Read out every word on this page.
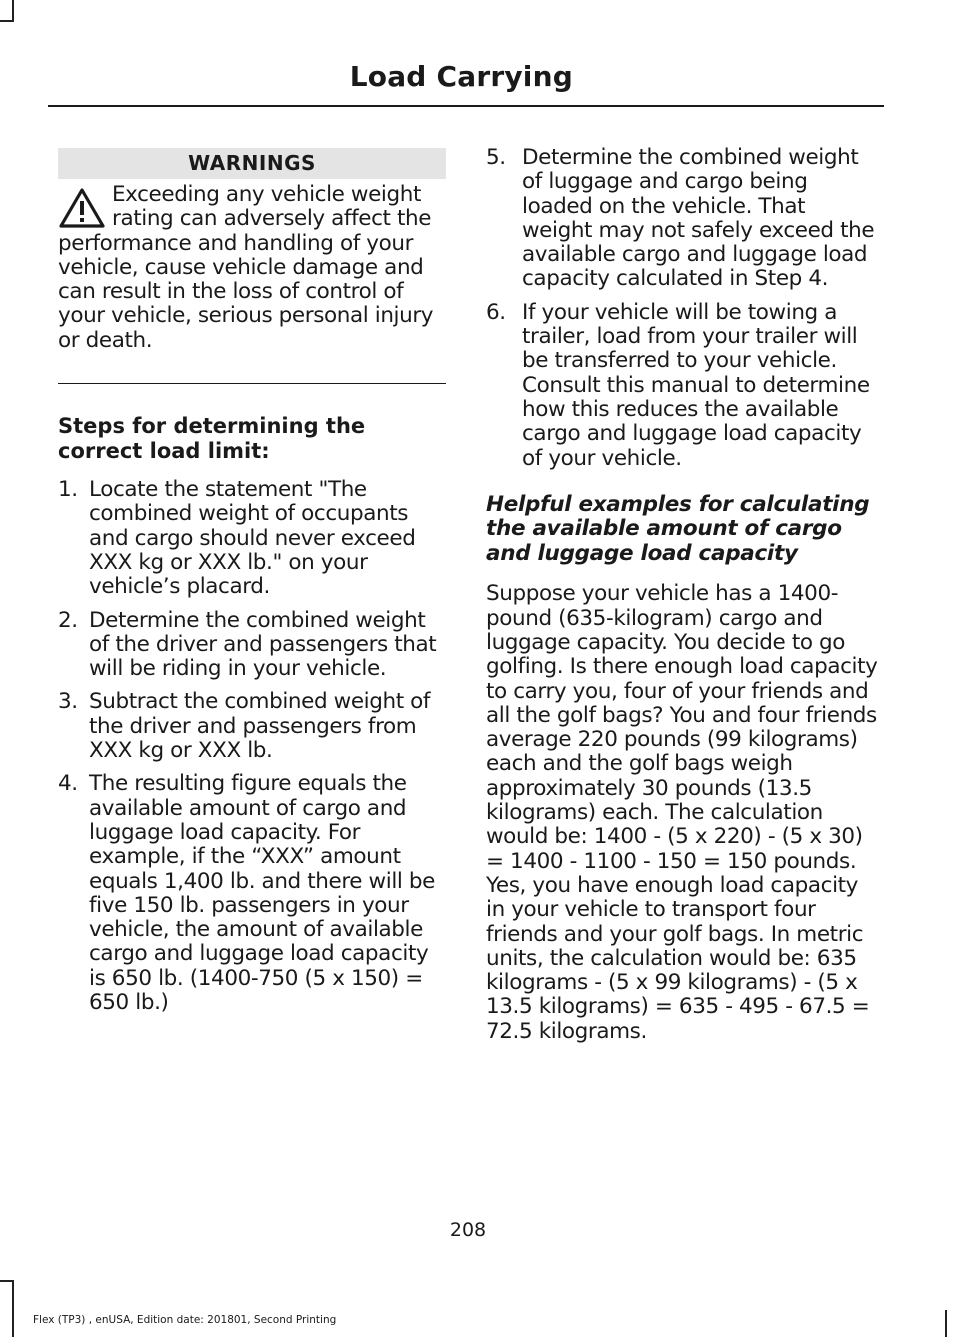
Load Carrying
WARNINGS
Exceeding any vehicle weight rating can adversely affect the performance and handling of your vehicle, cause vehicle damage and can result in the loss of control of your vehicle, serious personal injury or death.
Steps for determining the correct load limit:
1. Locate the statement "The combined weight of occupants and cargo should never exceed XXX kg or XXX lb." on your vehicle’s placard.
2. Determine the combined weight of the driver and passengers that will be riding in your vehicle.
3. Subtract the combined weight of the driver and passengers from XXX kg or XXX lb.
4. The resulting figure equals the available amount of cargo and luggage load capacity. For example, if the “XXX” amount equals 1,400 lb. and there will be five 150 lb. passengers in your vehicle, the amount of available cargo and luggage load capacity is 650 lb. (1400-750 (5 x 150) = 650 lb.)
5. Determine the combined weight of luggage and cargo being loaded on the vehicle. That weight may not safely exceed the available cargo and luggage load capacity calculated in Step 4.
6. If your vehicle will be towing a trailer, load from your trailer will be transferred to your vehicle. Consult this manual to determine how this reduces the available cargo and luggage load capacity of your vehicle.
Helpful examples for calculating the available amount of cargo and luggage load capacity
Suppose your vehicle has a 1400-pound (635-kilogram) cargo and luggage capacity. You decide to go golfing. Is there enough load capacity to carry you, four of your friends and all the golf bags? You and four friends average 220 pounds (99 kilograms) each and the golf bags weigh approximately 30 pounds (13.5 kilograms) each. The calculation would be: 1400 - (5 x 220) - (5 x 30) = 1400 - 1100 - 150 = 150 pounds. Yes, you have enough load capacity in your vehicle to transport four friends and your golf bags. In metric units, the calculation would be: 635 kilograms - (5 x 99 kilograms) - (5 x 13.5 kilograms) = 635 - 495 - 67.5 = 72.5 kilograms.
208
Flex (TP3) , enUSA, Edition date: 201801, Second Printing
